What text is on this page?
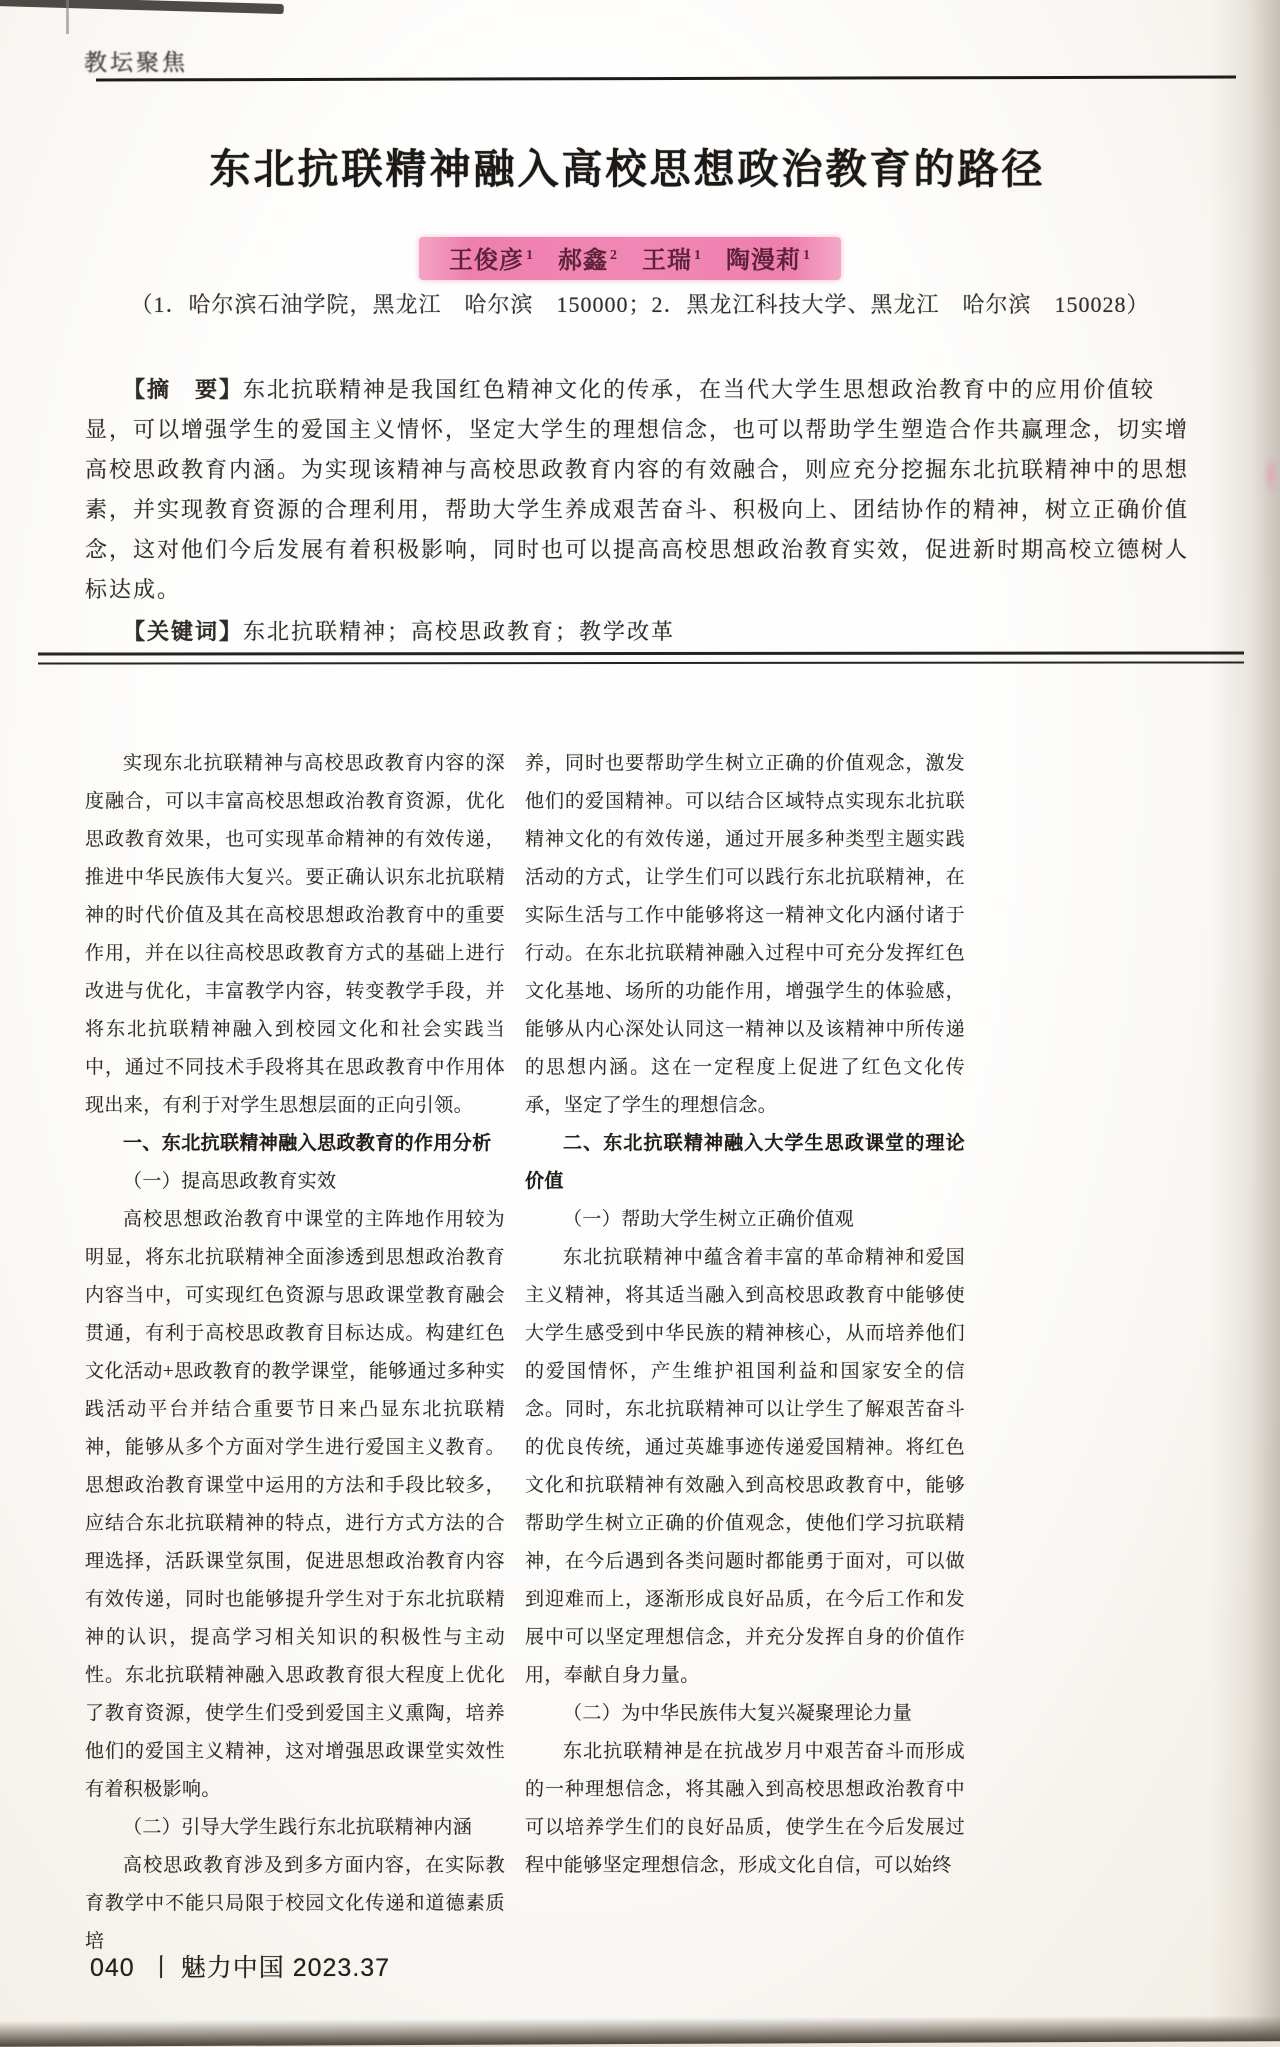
教坛聚焦
东北抗联精神融入高校思想政治教育的路径
王俊彦 $^1$ 郝鑫 $^2$ 王瑞 $^1$ 陶漫莉 $^1$
（1．哈尔滨石油学院，黑龙江　哈尔滨　150000；2．黑龙江科技大学、黑龙江　哈尔滨　150028）
【摘　要】东北抗联精神是我国红色精神文化的传承，在当代大学生思想政治教育中的应用价值较
显，可以增强学生的爱国主义情怀，坚定大学生的理想信念，也可以帮助学生塑造合作共赢理念，切实增
高校思政教育内涵。为实现该精神与高校思政教育内容的有效融合，则应充分挖掘东北抗联精神中的思想
素，并实现教育资源的合理利用，帮助大学生养成艰苦奋斗、积极向上、团结协作的精神，树立正确价值
念，这对他们今后发展有着积极影响，同时也可以提高高校思想政治教育实效，促进新时期高校立德树人
标达成。
【关键词】东北抗联精神；高校思政教育；教学改革
实现东北抗联精神与高校思政教育内容的深度融合，可以丰富高校思想政治教育资源，优化思政教育效果，也可实现革命精神的有效传递，推进中华民族伟大复兴。要正确认识东北抗联精神的时代价值及其在高校思想政治教育中的重要作用，并在以往高校思政教育方式的基础上进行改进与优化，丰富教学内容，转变教学手段，并将东北抗联精神融入到校园文化和社会实践当中，通过不同技术手段将其在思政教育中作用体现出来，有利于对学生思想层面的正向引领。
一、东北抗联精神融入思政教育的作用分析
（一）提高思政教育实效
高校思想政治教育中课堂的主阵地作用较为明显，将东北抗联精神全面渗透到思想政治教育内容当中，可实现红色资源与思政课堂教育融会贯通，有利于高校思政教育目标达成。构建红色文化活动+思政教育的教学课堂，能够通过多种实践活动平台并结合重要节日来凸显东北抗联精神，能够从多个方面对学生进行爱国主义教育。思想政治教育课堂中运用的方法和手段比较多，应结合东北抗联精神的特点，进行方式方法的合理选择，活跃课堂氛围，促进思想政治教育内容有效传递，同时也能够提升学生对于东北抗联精神的认识，提高学习相关知识的积极性与主动性。东北抗联精神融入思政教育很大程度上优化了教育资源，使学生们受到爱国主义熏陶，培养他们的爱国主义精神，这对增强思政课堂实效性有着积极影响。
（二）引导大学生践行东北抗联精神内涵
高校思政教育涉及到多方面内容，在实际教育教学中不能只局限于校园文化传递和道德素质培
养，同时也要帮助学生树立正确的价值观念，激发他们的爱国精神。可以结合区域特点实现东北抗联精神文化的有效传递，通过开展多种类型主题实践活动的方式，让学生们可以践行东北抗联精神，在实际生活与工作中能够将这一精神文化内涵付诸于行动。在东北抗联精神融入过程中可充分发挥红色文化基地、场所的功能作用，增强学生的体验感，能够从内心深处认同这一精神以及该精神中所传递的思想内涵。这在一定程度上促进了红色文化传承，坚定了学生的理想信念。
二、东北抗联精神融入大学生思政课堂的理论价值
（一）帮助大学生树立正确价值观
东北抗联精神中蕴含着丰富的革命精神和爱国主义精神，将其适当融入到高校思政教育中能够使大学生感受到中华民族的精神核心，从而培养他们的爱国情怀，产生维护祖国利益和国家安全的信念。同时，东北抗联精神可以让学生了解艰苦奋斗的优良传统，通过英雄事迹传递爱国精神。将红色文化和抗联精神有效融入到高校思政教育中，能够帮助学生树立正确的价值观念，使他们学习抗联精神，在今后遇到各类问题时都能勇于面对，可以做到迎难而上，逐渐形成良好品质，在今后工作和发展中可以坚定理想信念，并充分发挥自身的价值作用，奉献自身力量。
（二）为中华民族伟大复兴凝聚理论力量
东北抗联精神是在抗战岁月中艰苦奋斗而形成的一种理想信念，将其融入到高校思想政治教育中可以培养学生们的良好品质，使学生在今后发展过程中能够坚定理想信念，形成文化自信，可以始终
040 丨 魅力中国 2023.37
